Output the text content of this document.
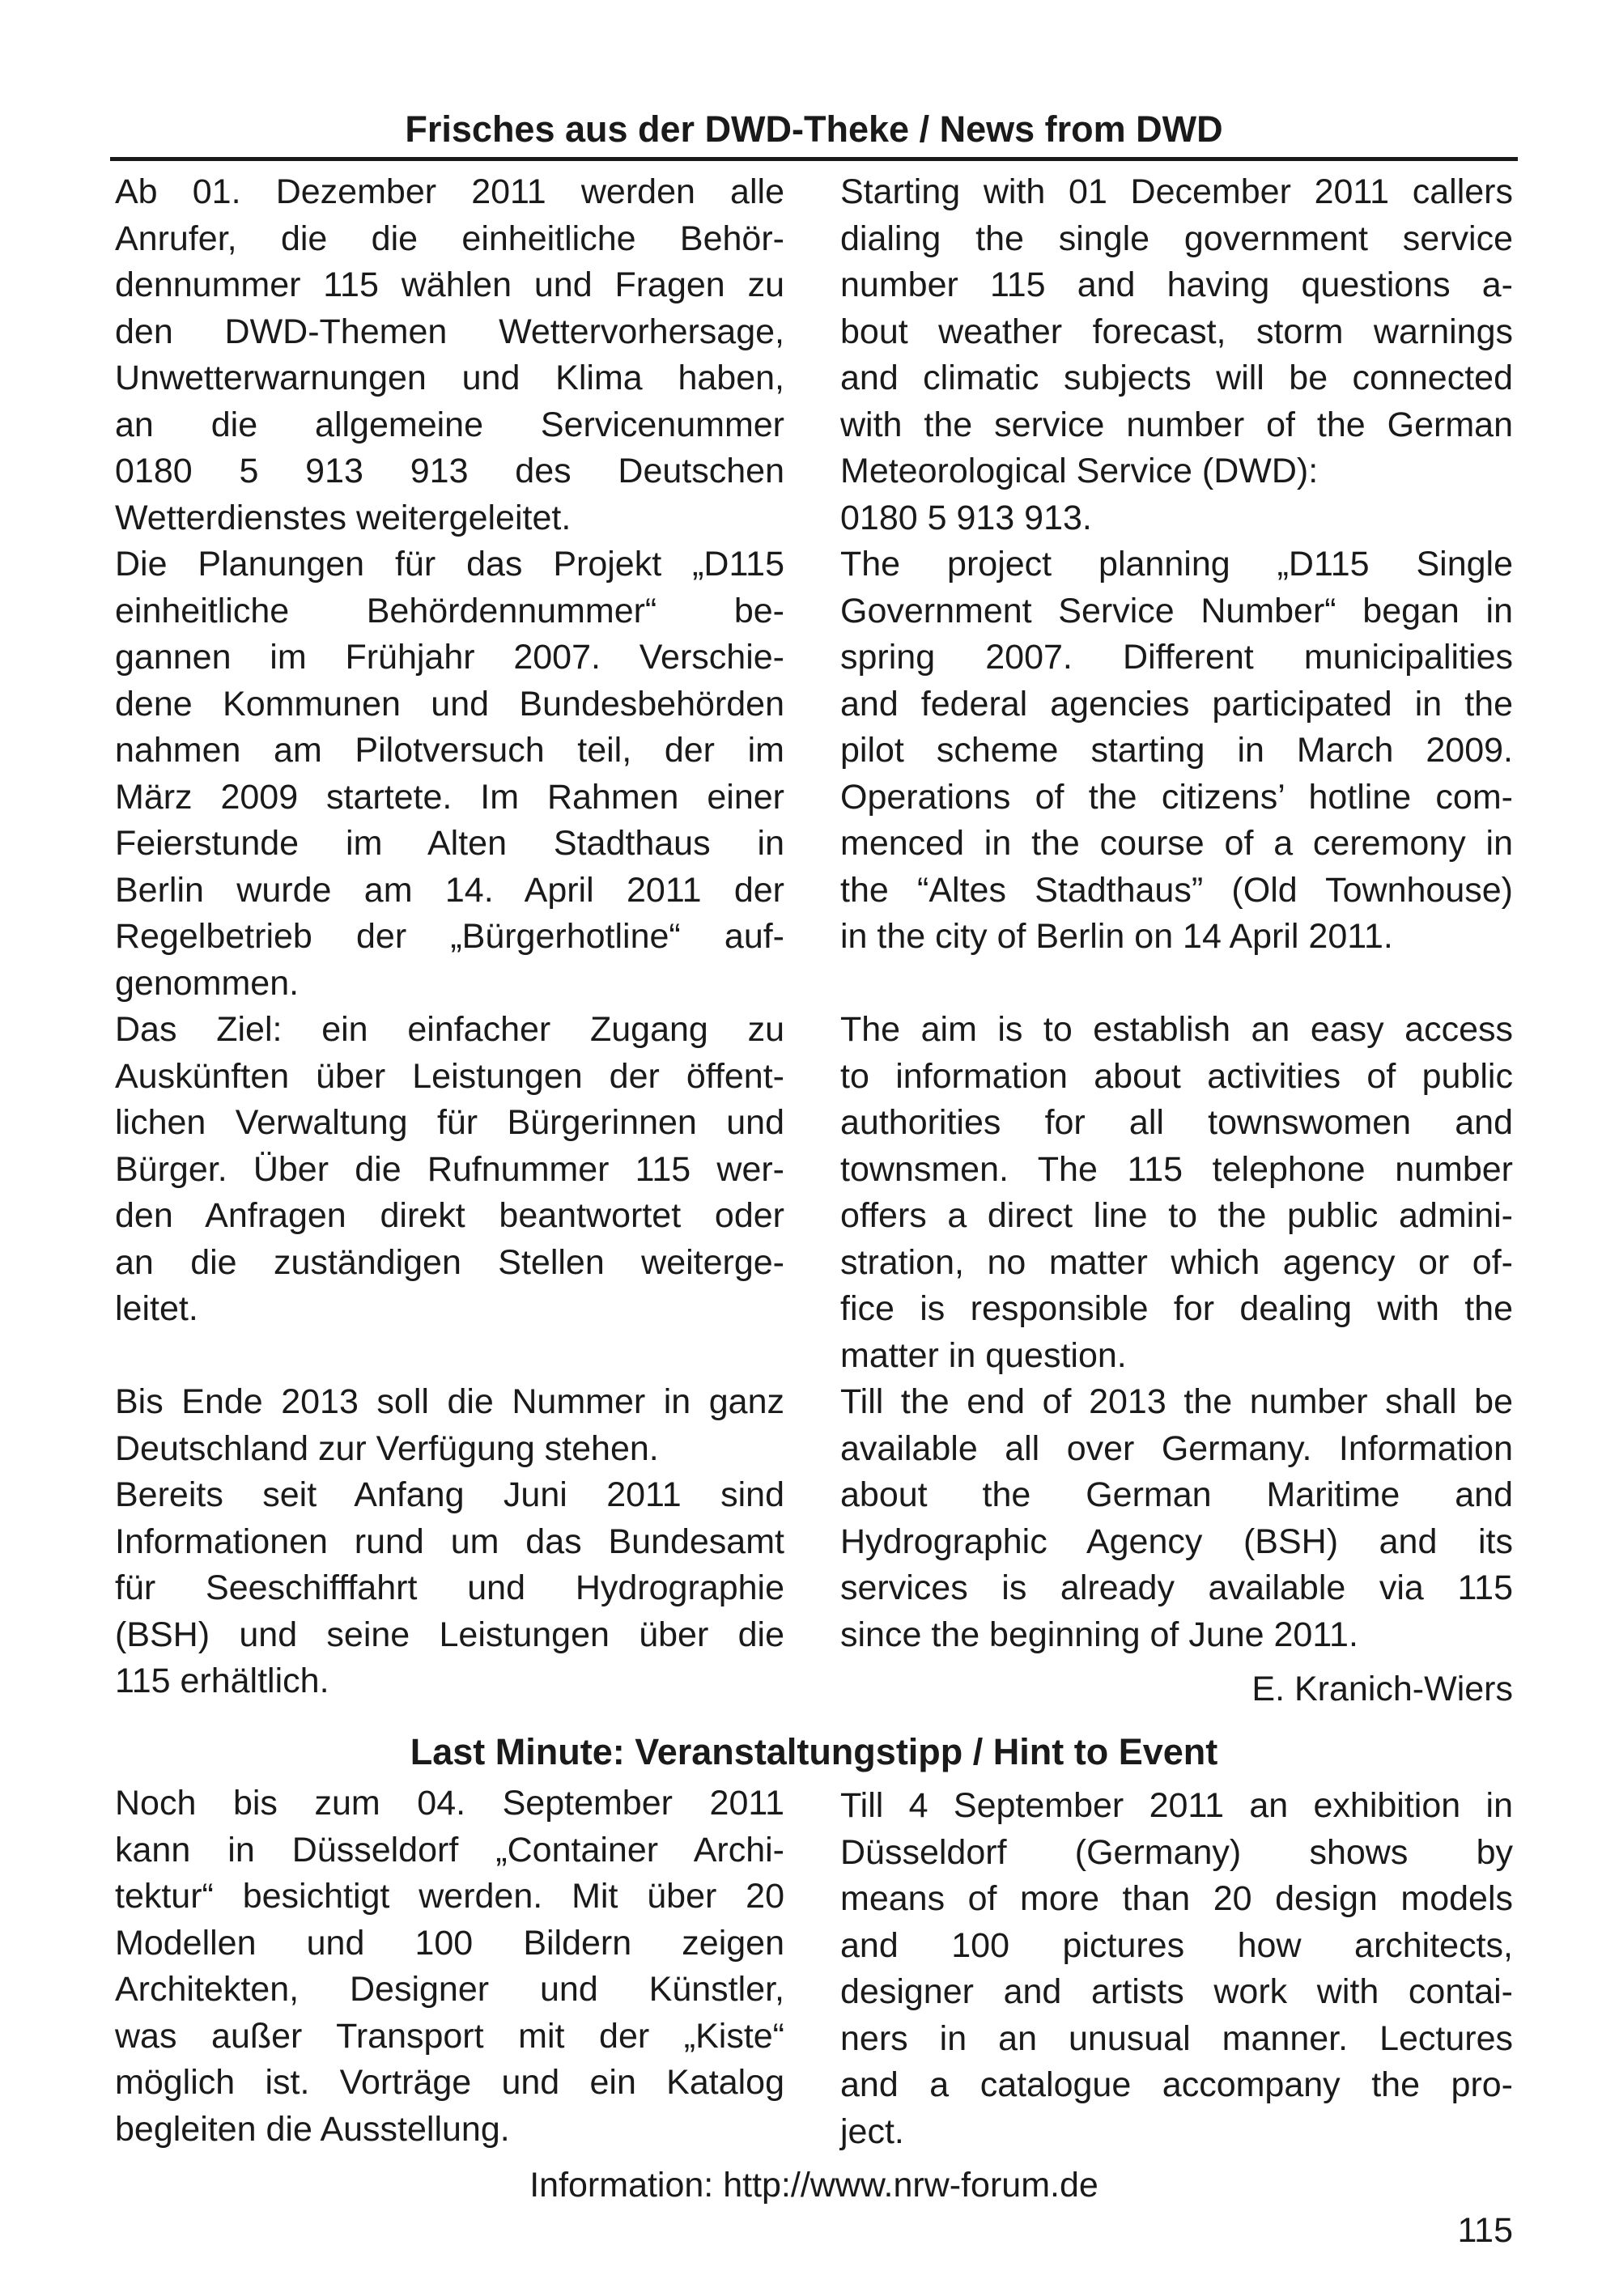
Frisches aus der DWD-Theke / News from DWD
Ab 01. Dezember 2011 werden alle
Anrufer, die die einheitliche Behör-
dennummer 115 wählen und Fragen zu
den DWD-Themen Wettervorhersage,
Unwetterwarnungen und Klima haben,
an die allgemeine Servicenummer
0180 5 913 913 des Deutschen
Wetterdienstes weitergeleitet.
Die Planungen für das Projekt „D115
einheitliche Behördennummer“ be-
gannen im Frühjahr 2007. Verschie-
dene Kommunen und Bundesbehörden
nahmen am Pilotversuch teil, der im
März 2009 startete. Im Rahmen einer
Feierstunde im Alten Stadthaus in
Berlin wurde am 14. April 2011 der
Regelbetrieb der „Bürgerhotline“ auf-
genommen.
Das Ziel: ein einfacher Zugang zu
Auskünften über Leistungen der öffent-
lichen Verwaltung für Bürgerinnen und
Bürger. Über die Rufnummer 115 wer-
den Anfragen direkt beantwortet oder
an die zuständigen Stellen weiterge-
leitet.
Bis Ende 2013 soll die Nummer in ganz
Deutschland zur Verfügung stehen.
Bereits seit Anfang Juni 2011 sind
Informationen rund um das Bundesamt
für Seeschifffahrt und Hydrographie
(BSH) und seine Leistungen über die
115 erhältlich.
Starting with 01 December 2011 callers
dialing the single government service
number 115 and having questions a-
bout weather forecast, storm warnings
and climatic subjects will be connected
with the service number of the German
Meteorological Service (DWD):
0180 5 913 913.
The project planning „D115 Single
Government Service Number“ began in
spring 2007. Different municipalities
and federal agencies participated in the
pilot scheme starting in March 2009.
Operations of the citizens’ hotline com-
menced in the course of a ceremony in
the “Altes Stadthaus” (Old Townhouse)
in the city of Berlin on 14 April 2011.
The aim is to establish an easy access
to information about activities of public
authorities for all townswomen and
townsmen. The 115 telephone number
offers a direct line to the public admini-
stration, no matter which agency or of-
fice is responsible for dealing with the
matter in question.
Till the end of 2013 the number shall be
available all over Germany. Information
about the German Maritime and
Hydrographic Agency (BSH) and its
services is already available via 115
since the beginning of June 2011.
E. Kranich-Wiers
Last Minute: Veranstaltungstipp / Hint to Event
Noch bis zum 04. September 2011
kann in Düsseldorf „Container Archi-
tektur“ besichtigt werden. Mit über 20
Modellen und 100 Bildern zeigen
Architekten, Designer und Künstler,
was außer Transport mit der „Kiste“
möglich ist. Vorträge und ein Katalog
begleiten die Ausstellung.
Till 4 September 2011 an exhibition in
Düsseldorf (Germany) shows by
means of more than 20 design models
and 100 pictures how architects,
designer and artists work with contai-
ners in an unusual manner. Lectures
and a catalogue accompany the pro-
ject.
Information: http://www.nrw-forum.de
115
